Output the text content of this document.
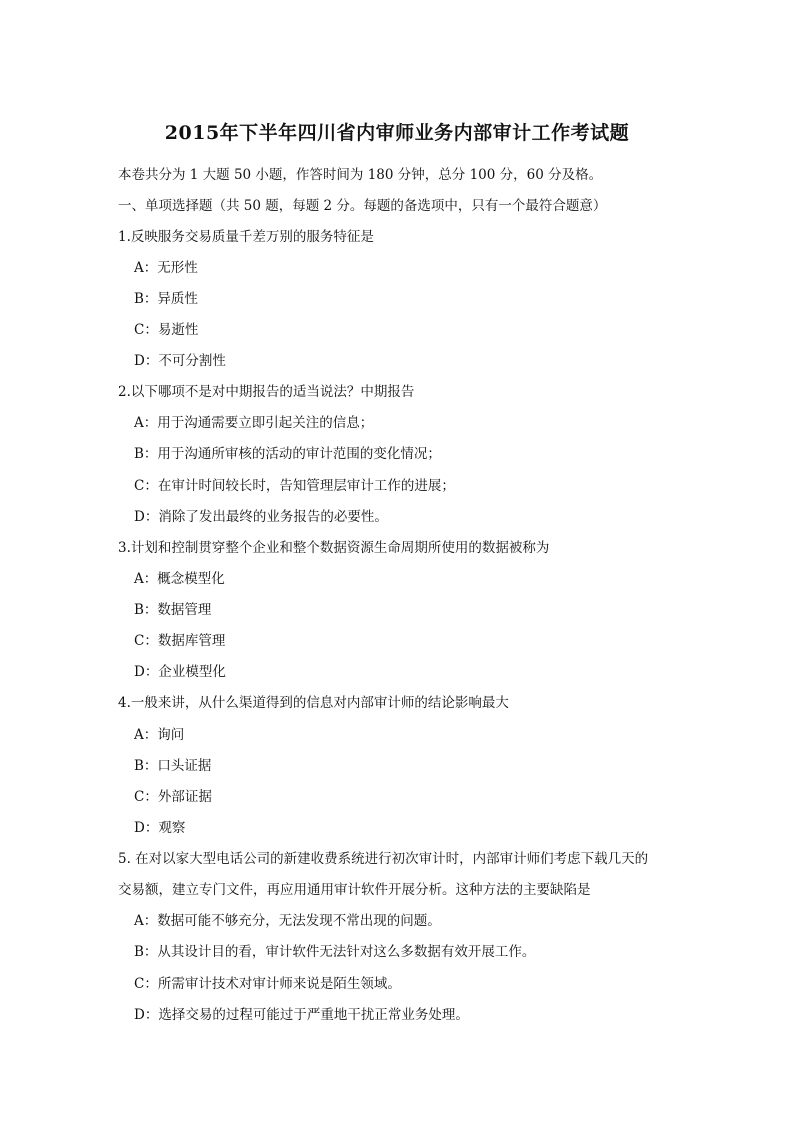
2015年下半年四川省内审师业务内部审计工作考试题
本卷共分为 1 大题 50 小题，作答时间为 180 分钟，总分 100 分，60 分及格。
一、单项选择题（共 50 题，每题 2 分。每题的备选项中，只有一个最符合题意）
1.反映服务交易质量千差万别的服务特征是
A：无形性
B：异质性
C：易逝性
D：不可分割性
2.以下哪项不是对中期报告的适当说法？中期报告
A：用于沟通需要立即引起关注的信息；
B：用于沟通所审核的活动的审计范围的变化情况；
C：在审计时间较长时，告知管理层审计工作的进展；
D：消除了发出最终的业务报告的必要性。
3.计划和控制贯穿整个企业和整个数据资源生命周期所使用的数据被称为
A：概念模型化
B：数据管理
C：数据库管理
D：企业模型化
4.一般来讲，从什么渠道得到的信息对内部审计师的结论影响最大
A：询问
B：口头证据
C：外部证据
D：观察
5. 在对以家大型电话公司的新建收费系统进行初次审计时，内部审计师们考虑下载几天的
交易额，建立专门文件，再应用通用审计软件开展分析。这种方法的主要缺陷是
A：数据可能不够充分，无法发现不常出现的问题。
B：从其设计目的看，审计软件无法针对这么多数据有效开展工作。
C：所需审计技术对审计师来说是陌生领域。
D：选择交易的过程可能过于严重地干扰正常业务处理。
